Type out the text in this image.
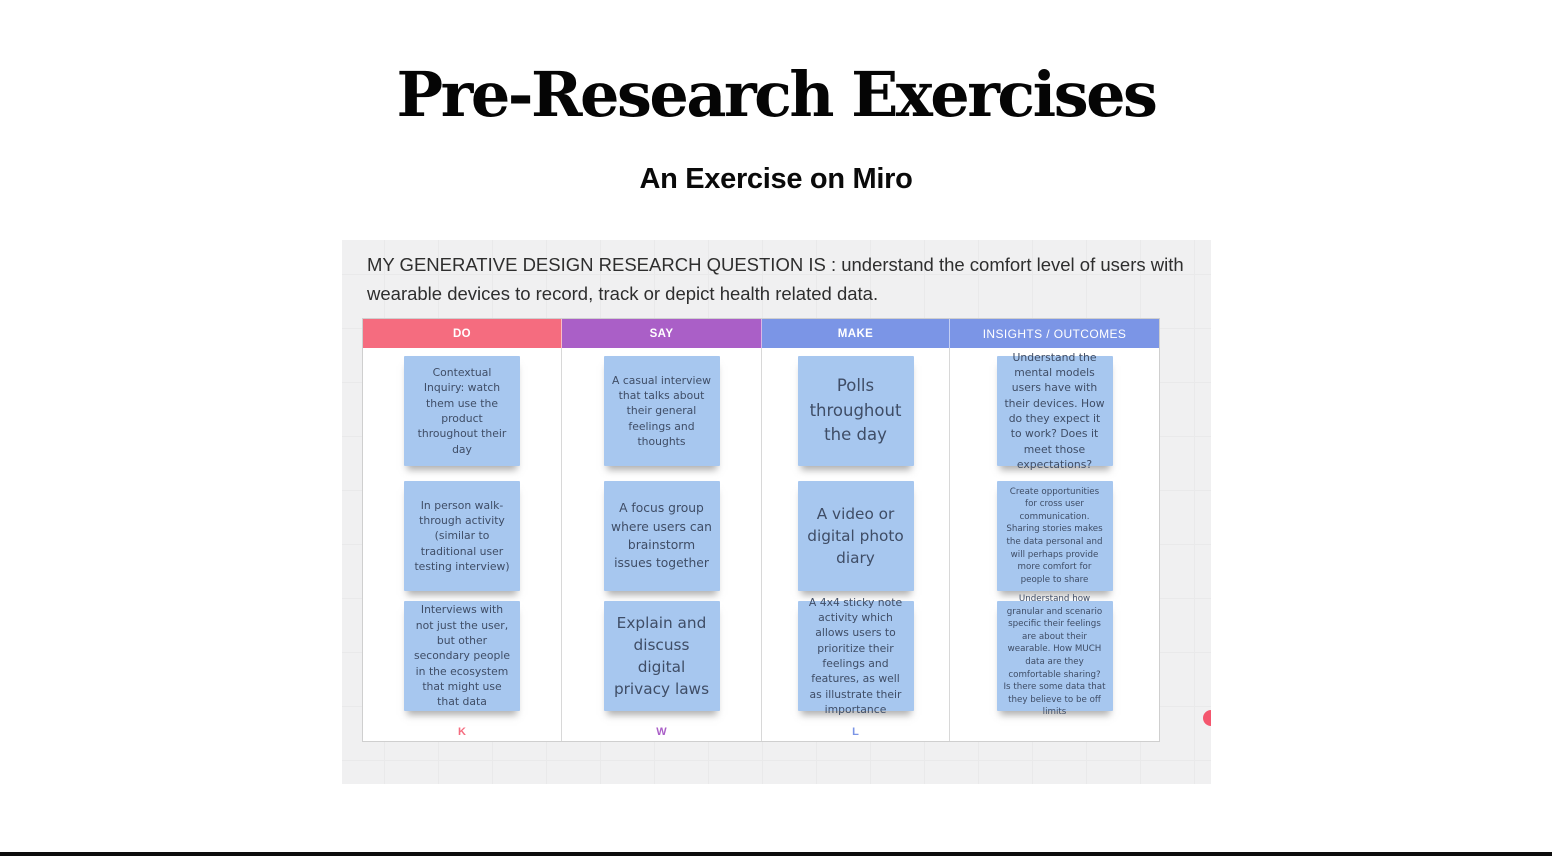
Pre-Research Exercises
An Exercise on Miro
MY GENERATIVE DESIGN RESEARCH QUESTION IS : understand the comfort level of users with wearable devices to record, track or depict health related data.
DO
Contextual Inquiry: watch them use the product throughout their day
In person walk-through activity (similar to traditional user testing interview)
Interviews with not just the user, but other secondary people in the ecosystem that might use that data
K
SAY
A casual interview that talks about their general feelings and thoughts
A focus group where users can brainstorm issues together
Explain and discuss digital privacy laws
W
MAKE
Polls throughout the day
A video or digital photo diary
A 4x4 sticky note activity which allows users to prioritize their feelings and features, as well as illustrate their importance
L
INSIGHTS / OUTCOMES
Understand the mental models users have with their devices. How do they expect it to work? Does it meet those expectations?
Create opportunities for cross user communication. Sharing stories makes the data personal and will perhaps provide more comfort for people to share
Understand how granular and scenario specific their feelings are about their wearable. How MUCH data are they comfortable sharing? Is there some data that they believe to be off limits
